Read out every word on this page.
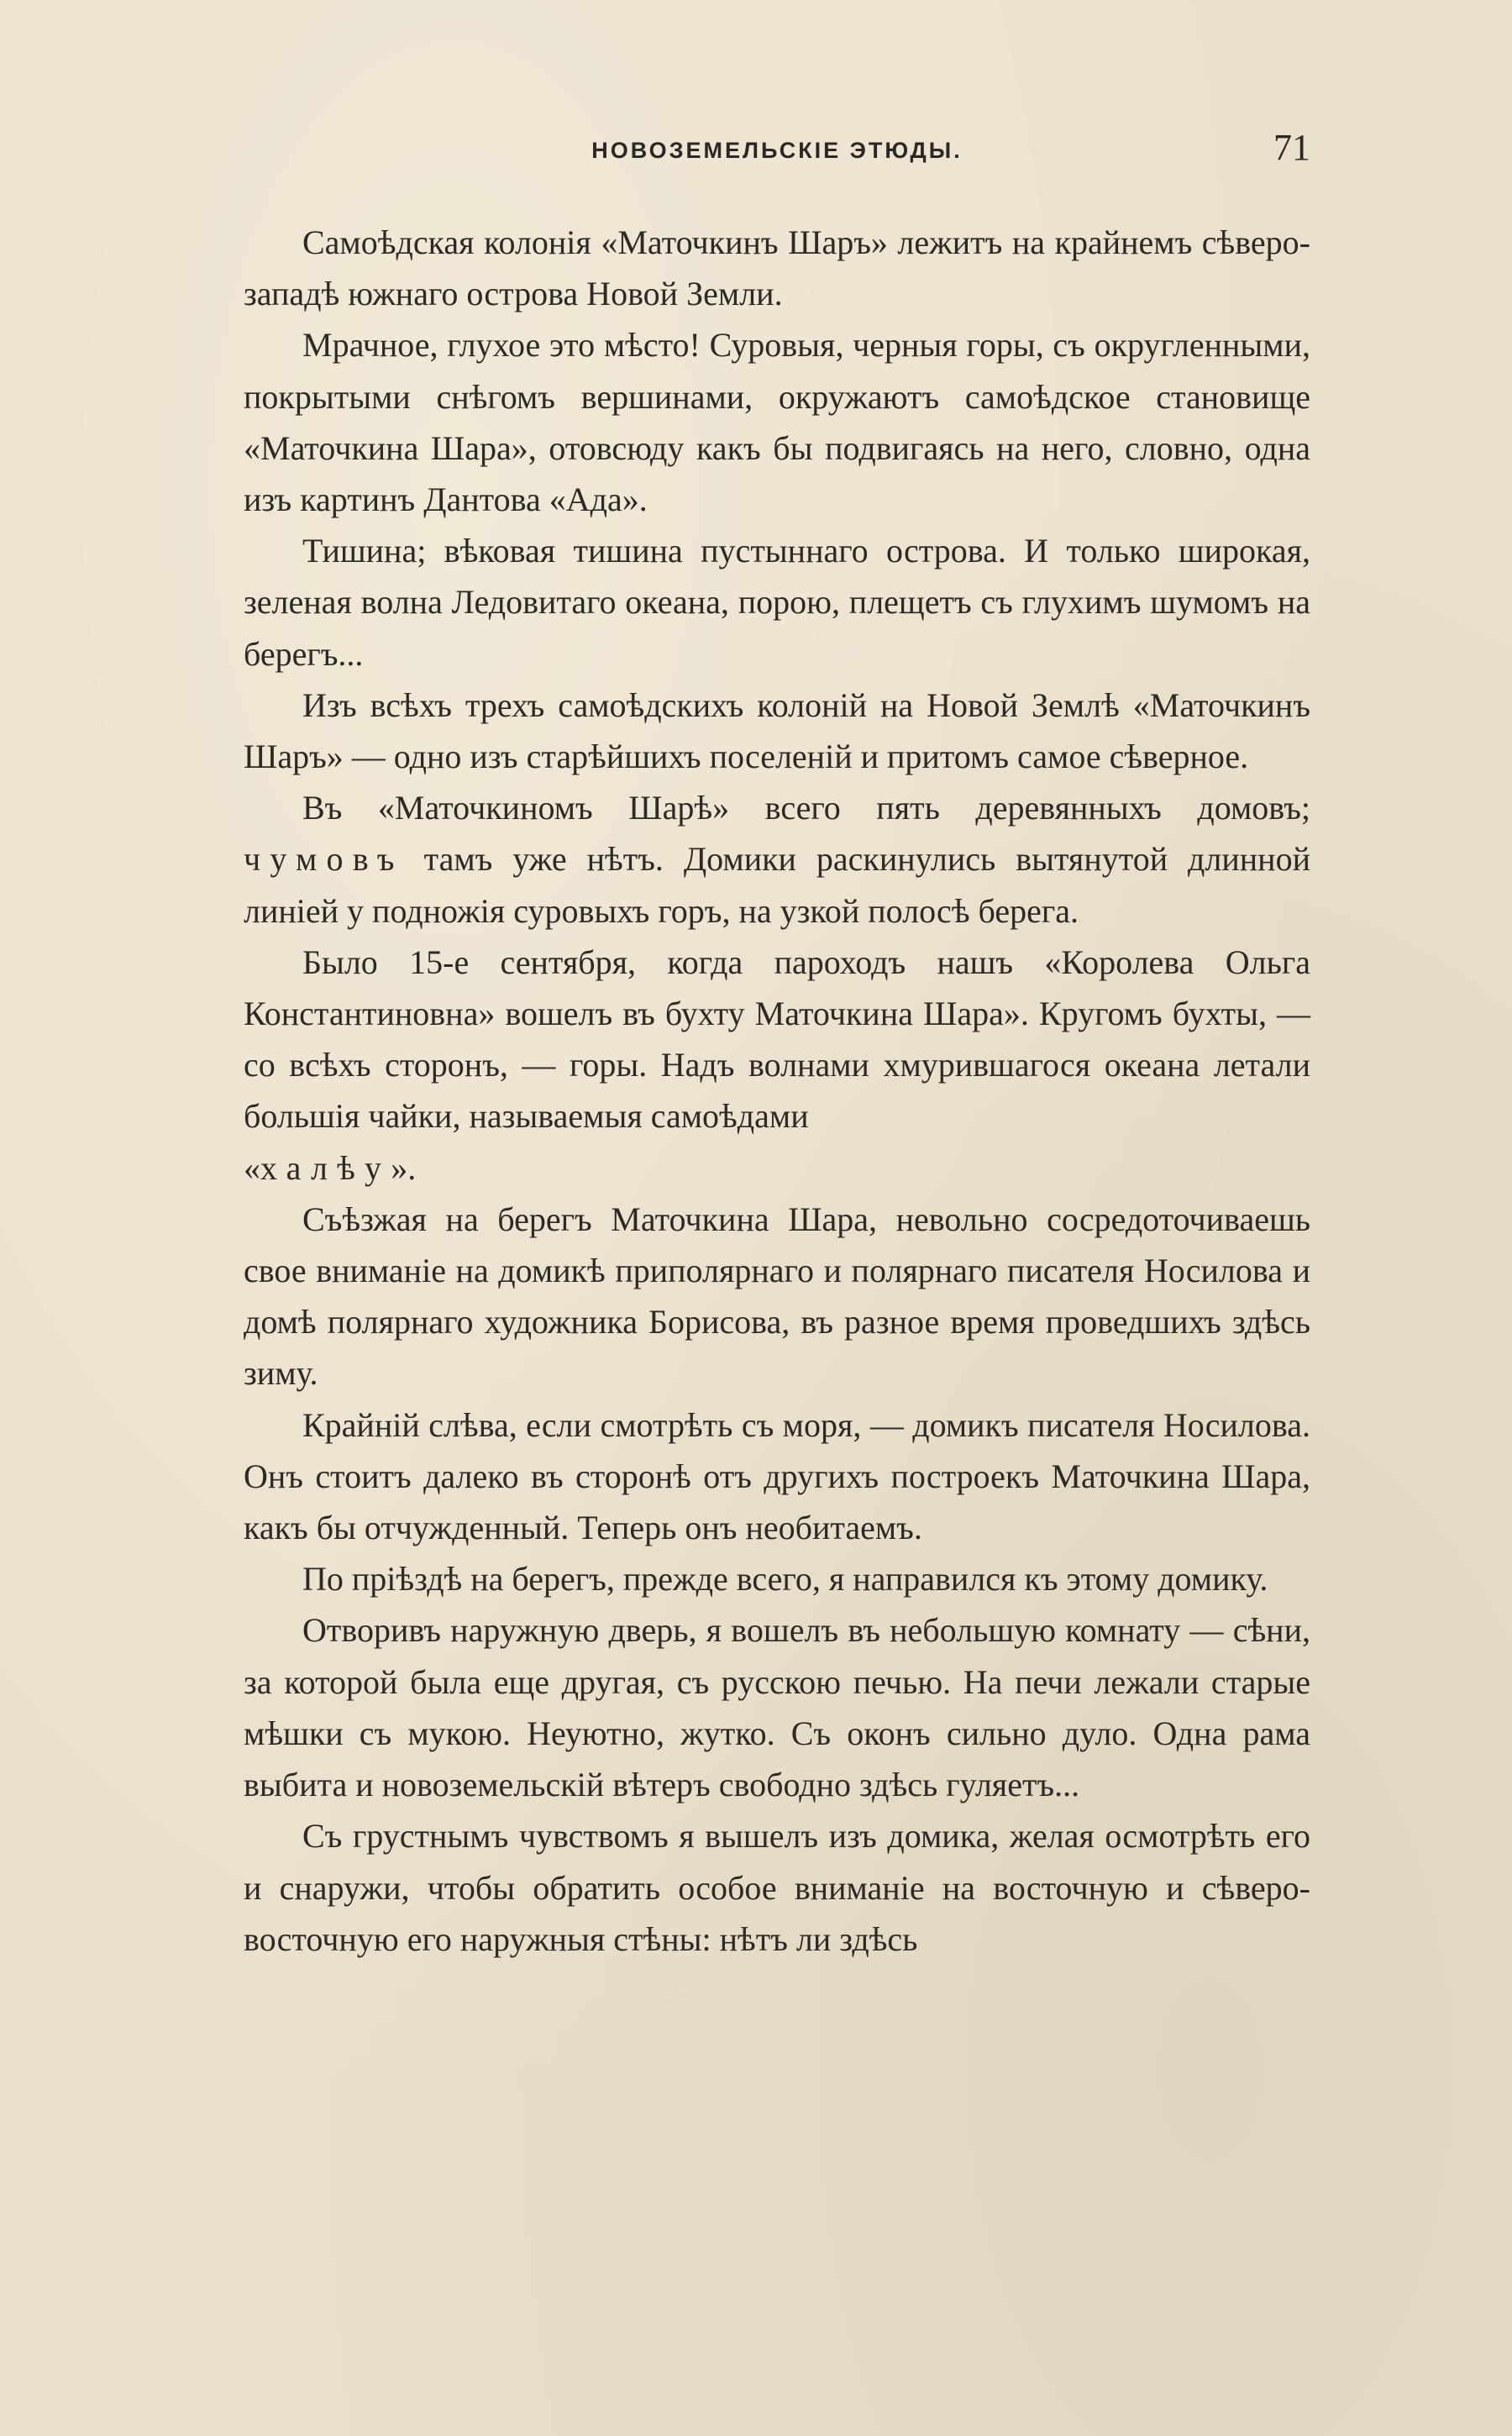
НОВОЗЕМЕЛЬСКІЕ ЭТЮДЫ.	71

Самоѣдская колонія «Маточкинъ Шаръ» лежитъ на крайнемъ сѣверо-западѣ южнаго острова Новой Земли.

Мрачное, глухое это мѣсто! Суровыя, черныя горы, съ округленными, покрытыми снѣгомъ вершинами, окружаютъ самоѣдское становище «Маточкина Шара», отовсюду какъ бы подвигаясь на него, словно, одна изъ картинъ Дантова «Ада».

Тишина; вѣковая тишина пустыннаго острова. И только широкая, зеленая волна Ледовитаго океана, порою, плещетъ съ глухимъ шумомъ на берегъ...

Изъ всѣхъ трехъ самоѣдскихъ колоній на Новой Землѣ «Маточкинъ Шаръ» — одно изъ старѣйшихъ поселеній и притомъ самое сѣверное.

Въ «Маточкиномъ Шарѣ» всего пять деревянныхъ домовъ; чумовъ тамъ уже нѣтъ. Домики раскинулись вытянутой длинной линіей у подножія суровыхъ горъ, на узкой полосѣ берега.

Было 15-е сентября, когда пароходъ нашъ «Королева Ольга Константиновна» вошелъ въ бухту Маточкина Шара». Кругомъ бухты, — со всѣхъ сторонъ, — горы. Надъ волнами хмурившагося океана летали большія чайки, называемыя самоѣдами

«халѣу».

Съѣзжая на берегъ Маточкина Шара, невольно сосредоточиваешь свое вниманіе на домикѣ приполярнаго и полярнаго писателя Носилова и домѣ полярнаго художника Борисова, въ разное время проведшихъ здѣсь зиму.

Крайній слѣва, если смотрѣть съ моря, — домикъ писателя Носилова. Онъ стоитъ далеко въ сторонѣ отъ другихъ построекъ Маточкина Шара, какъ бы отчужденный. Теперь онъ необитаемъ.

По пріѣздѣ на берегъ, прежде всего, я направился къ этому домику.

Отворивъ наружную дверь, я вошелъ въ небольшую комнату — сѣни, за которой была еще другая, съ русскою печью. На печи лежали старые мѣшки съ мукою. Неуютно, жутко. Съ оконъ сильно дуло. Одна рама выбита и новоземельскій вѣтеръ свободно здѣсь гуляетъ...

Съ грустнымъ чувствомъ я вышелъ изъ домика, желая осмотрѣть его и снаружи, чтобы обратить особое вниманіе на восточную и сѣверо-восточную его наружныя стѣны: нѣтъ ли здѣсь
